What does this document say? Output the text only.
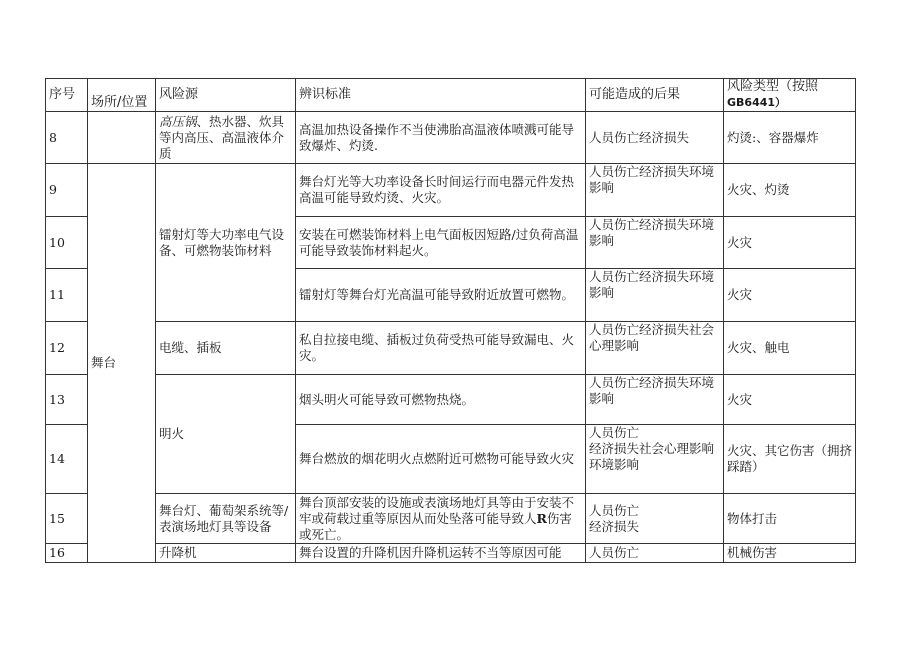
序号	场所/位置	风险源	辨识标准	可能造成的后果	风险类型（按照
GB6441）

8		高压锅、热水器、炊具等内高压、高温液体介质	高温加热设备操作不当使沸胎高温液体喷溅可能导致爆炸、灼烫.	人员伤亡经济损失	灼烫:、容器爆炸
9	舞台	镭射灯等大功率电气设备、可燃物装饰材料	舞台灯光等大功率设备长时间运行而电器元件发热高温可能导致灼烫、火灾。	人员伤亡经济损失环境影响	火灾、灼烫
10			安装在可燃装饰材料上电气面板因短路/过负荷高温可能导致装饰材料起火。	人员伤亡经济损失环境影响	火灾
11			镭射灯等舞台灯光高温可能导致附近放置可燃物。	人员伤亡经济损失环境影响	火灾
12		电缆、插板	私自拉接电缆、插板过负荷受热可能导致漏电、火灾。	人员伤亡经济损失社会心理影响	火灾、触电
13		明火	烟头明火可能导致可燃物热烧。	人员伤亡经济损失环境影响	火灾
14			舞台燃放的烟花明火点燃附近可燃物可能导致火灾	人员伤亡
经济损失社会心理影响
环境影响	火灾、其它伤害（拥挤踩踏）
15		舞台灯、葡萄架系统等/表演场地灯具等设备	舞台顶部安装的设施或表演场地灯具等由于安装不牢或荷载过重等原因从而处坠落可能导致人R伤害或死亡。	人员伤亡
经济损失	物体打击
16		升降机	舞台设置的升降机因升降机运转不当等原因可能	人员伤亡	机械伤害
